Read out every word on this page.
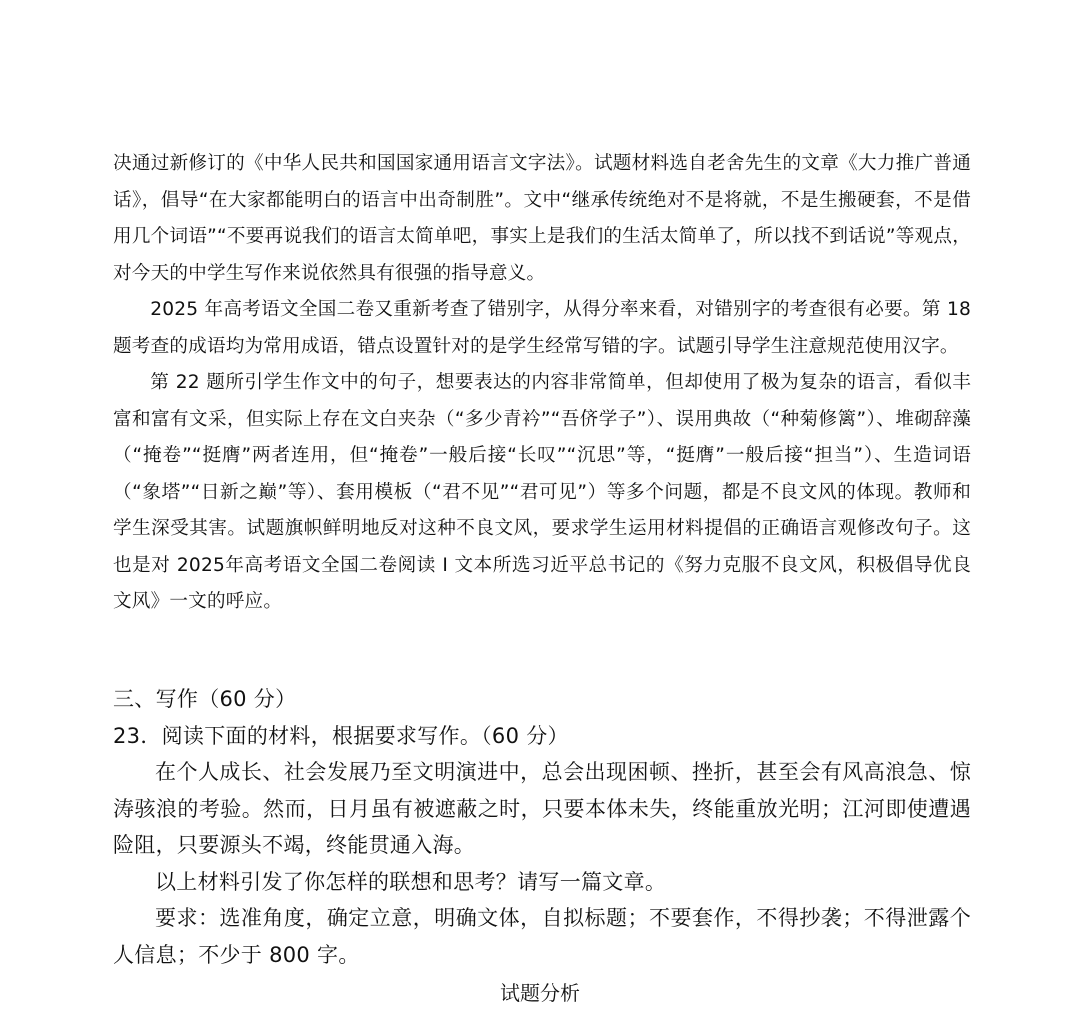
决通过新修订的《中华人民共和国国家通用语言文字法》。试题材料选自老舍先生的文章《大力推广普通话》，倡导“在大家都能明白的语言中出奇制胜”。文中“继承传统绝对不是将就，不是生搬硬套，不是借用几个词语”“不要再说我们的语言太简单吧，事实上是我们的生活太简单了，所以找不到话说”等观点，对今天的中学生写作来说依然具有很强的指导意义。

2025 年高考语文全国二卷又重新考查了错别字，从得分率来看，对错别字的考查很有必要。第 18 题考查的成语均为常用成语，错点设置针对的是学生经常写错的字。试题引导学生注意规范使用汉字。

第 22 题所引学生作文中的句子，想要表达的内容非常简单，但却使用了极为复杂的语言，看似丰富和富有文采，但实际上存在文白夹杂（“多少青衿”“吾侪学子”）、误用典故（“种菊修篱”）、堆砌辞藻（“掩卷”“挺膺”两者连用，但“掩卷”一般后接“长叹”“沉思”等，“挺膺”一般后接“担当”）、生造词语（“象塔”“日新之巅”等）、套用模板（“君不见”“君可见”）等多个问题，都是不良文风的体现。教师和学生深受其害。试题旗帜鲜明地反对这种不良文风，要求学生运用材料提倡的正确语言观修改句子。这也是对 2025年高考语文全国二卷阅读 I 文本所选习近平总书记的《努力克服不良文风，积极倡导优良文风》一文的呼应。

三、写作（60 分）

23．阅读下面的材料，根据要求写作。（60 分）

在个人成长、社会发展乃至文明演进中，总会出现困顿、挫折，甚至会有风高浪急、惊涛骇浪的考验。然而，日月虽有被遮蔽之时，只要本体未失，终能重放光明；江河即使遭遇险阻，只要源头不竭，终能贯通入海。

以上材料引发了你怎样的联想和思考？请写一篇文章。

要求：选准角度，确定立意，明确文体，自拟标题；不要套作，不得抄袭；不得泄露个人信息；不少于 800 字。

试题分析
